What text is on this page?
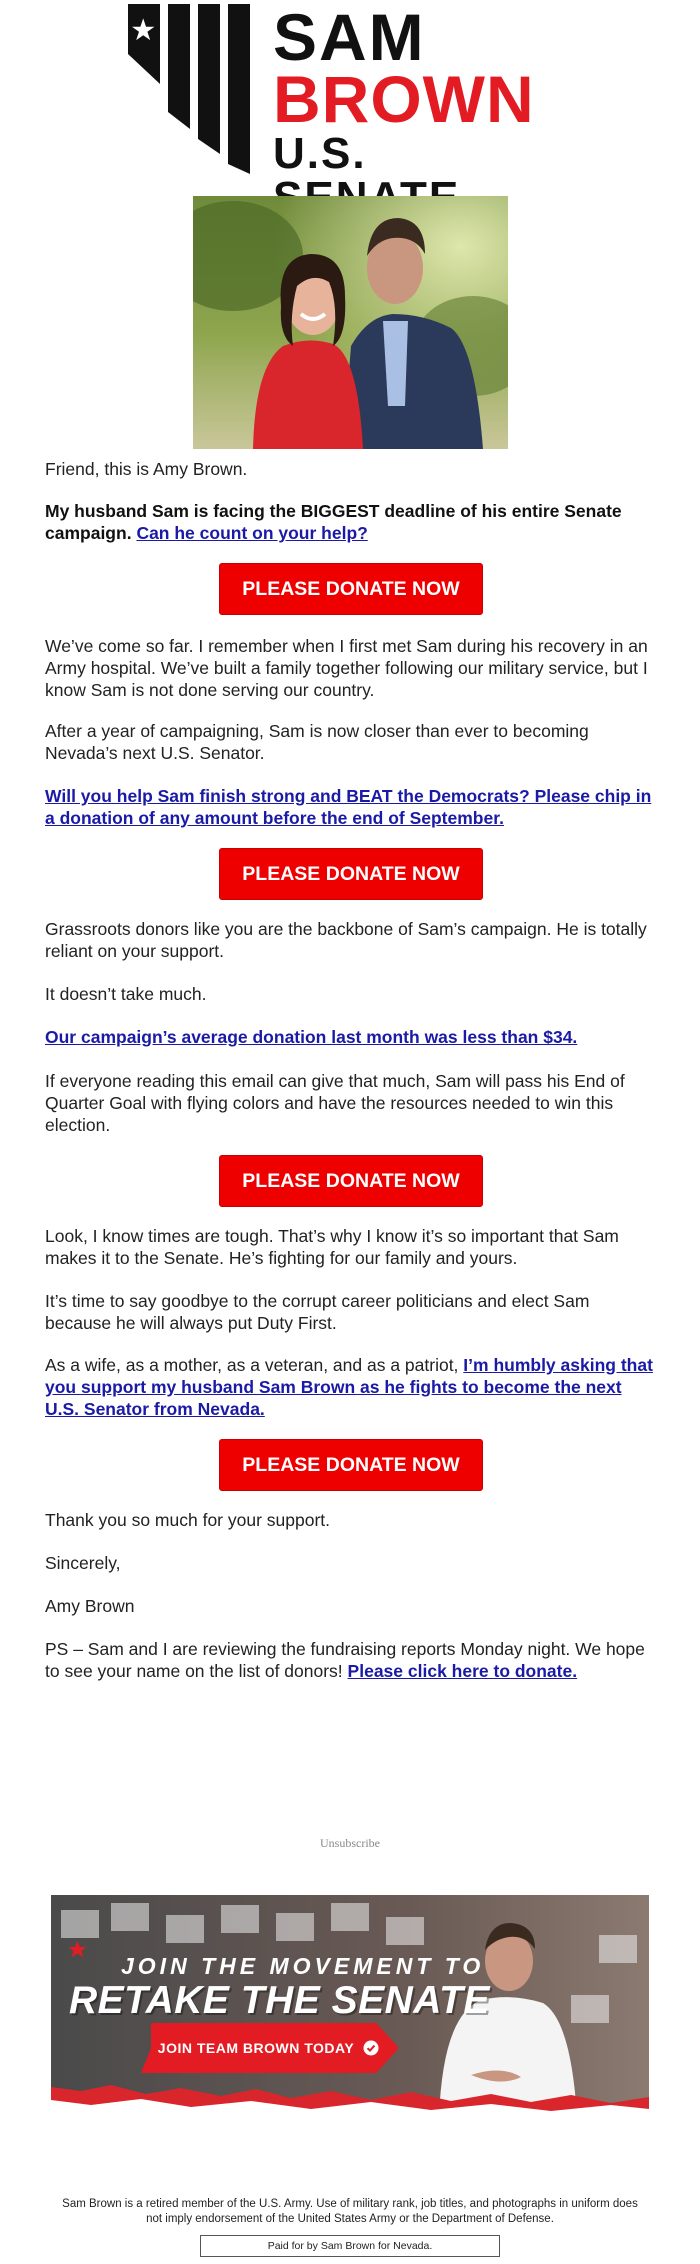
SAM
BROWN
U.S.

Friend, this is Amy Brown.

My husband Sam is facing the BIGGEST deadline of his entire Senate campaign. Can he count on your help?

PLEASE DONATE NOW

We’ve come so far. I remember when I first met Sam during his recovery in an Army hospital. We’ve built a family together following our military service, but I know Sam is not done serving our country.

After a year of campaigning, Sam is now closer than ever to becoming Nevada’s next U.S. Senator.

Will you help Sam finish strong and BEAT the Democrats? Please chip in a donation of any amount before the end of September.

PLEASE DONATE NOW

Grassroots donors like you are the backbone of Sam’s campaign. He is totally reliant on your support.

It doesn’t take much.

Our campaign’s average donation last month was less than $34.

If everyone reading this email can give that much, Sam will pass his End of Quarter Goal with flying colors and have the resources needed to win this election.

PLEASE DONATE NOW

Look, I know times are tough. That’s why I know it’s so important that Sam makes it to the Senate. He’s fighting for our family and yours.

It’s time to say goodbye to the corrupt career politicians and elect Sam because he will always put Duty First.

As a wife, as a mother, as a veteran, and as a patriot, I’m humbly asking that you support my husband Sam Brown as he fights to become the next U.S. Senator from Nevada.

PLEASE DONATE NOW

Thank you so much for your support.

Sincerely,

Amy Brown

PS – Sam and I are reviewing the fundraising reports Monday night. We hope to see your name on the list of donors! Please click here to donate.

Unsubscribe
JOIN THE MOVEMENT TO
RETAKE THE SENATE
JOIN TEAM BROWN TODAY
Sam Brown is a retired member of the U.S. Army. Use of military rank, job titles, and photographs in uniform does
not imply endorsement of the United States Army or the Department of Defense.
Paid for by Sam Brown for Nevada.
